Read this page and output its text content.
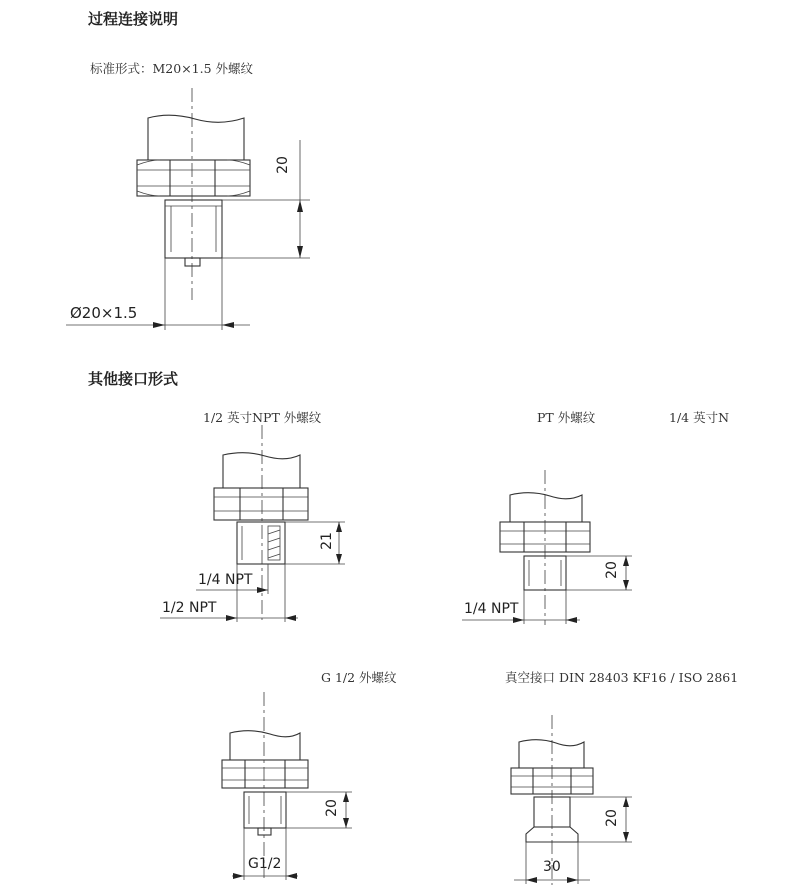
过程连接说明
标准形式：M20×1.5 外螺纹
其他接口形式
1/2 英寸NPT 外螺纹	PT 外螺纹	1/4 英寸N
G 1/2 外螺纹	真空接口 DIN 28403 KF16 / ISO 2861
20
Ø20×1.5
21
1/4 NPT
1/2 NPT
20
1/4 NPT
20
G1/2
20
30
